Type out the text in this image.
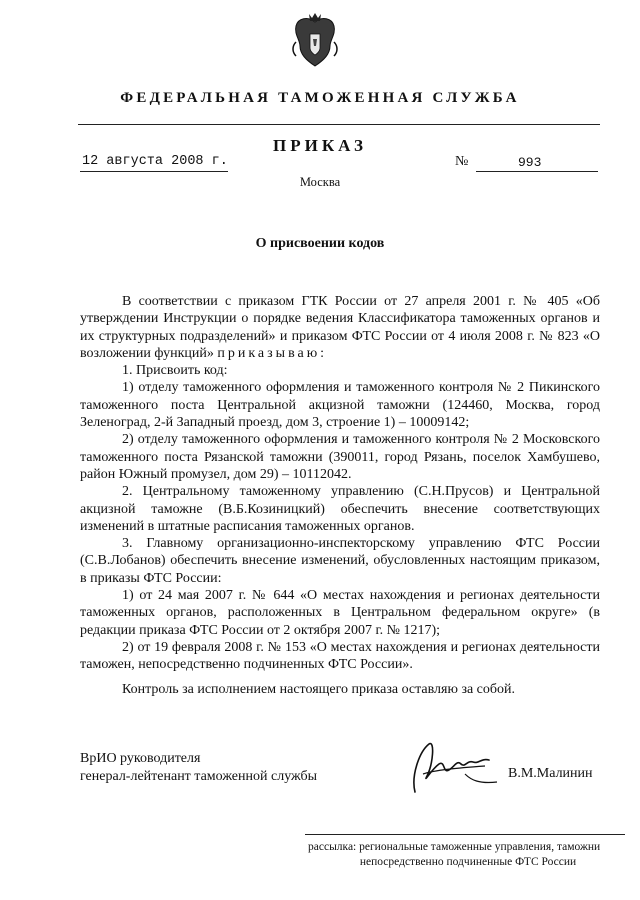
ФЕДЕРАЛЬНАЯ ТАМОЖЕННАЯ СЛУЖБА
ПРИКАЗ
12 августа 2008 г.	№	993
Москва
О присвоении кодов

В соответствии с приказом ГТК России от 27 апреля 2001 г. № 405 «Об утверждении Инструкции о порядке ведения Классификатора таможенных органов и их структурных подразделений» и приказом ФТС России от 4 июля 2008 г. № 823 «О возложении функций» приказываю:

1. Присвоить код:

1) отделу таможенного оформления и таможенного контроля № 2 Пикинского таможенного поста Центральной акцизной таможни (124460, Москва, город Зеленоград, 2-й Западный проезд, дом 3, строение 1) – 10009142;

2) отделу таможенного оформления и таможенного контроля № 2 Московского таможенного поста Рязанской таможни (390011, город Рязань, поселок Хамбушево, район Южный промузел, дом 29) – 10112042.

2. Центральному таможенному управлению (С.Н.Прусов) и Центральной акцизной таможне (В.Б.Козиницкий) обеспечить внесение соответствующих изменений в штатные расписания таможенных органов.

3. Главному организационно-инспекторскому управлению ФТС России (С.В.Лобанов) обеспечить внесение изменений, обусловленных настоящим приказом, в приказы ФТС России:

1) от 24 мая 2007 г. № 644 «О местах нахождения и регионах деятельности таможенных органов, расположенных в Центральном федеральном округе» (в редакции приказа ФТС России от 2 октября 2007 г. № 1217);

2) от 19 февраля 2008 г. № 153 «О местах нахождения и регионах деятельности таможен, непосредственно подчиненных ФТС России».

Контроль за исполнением настоящего приказа оставляю за собой.
ВрИО руководителя
генерал-лейтенант таможенной службы	В.М.Малинин
рассылка: региональные таможенные управления, таможни
непосредственно подчиненные ФТС России
